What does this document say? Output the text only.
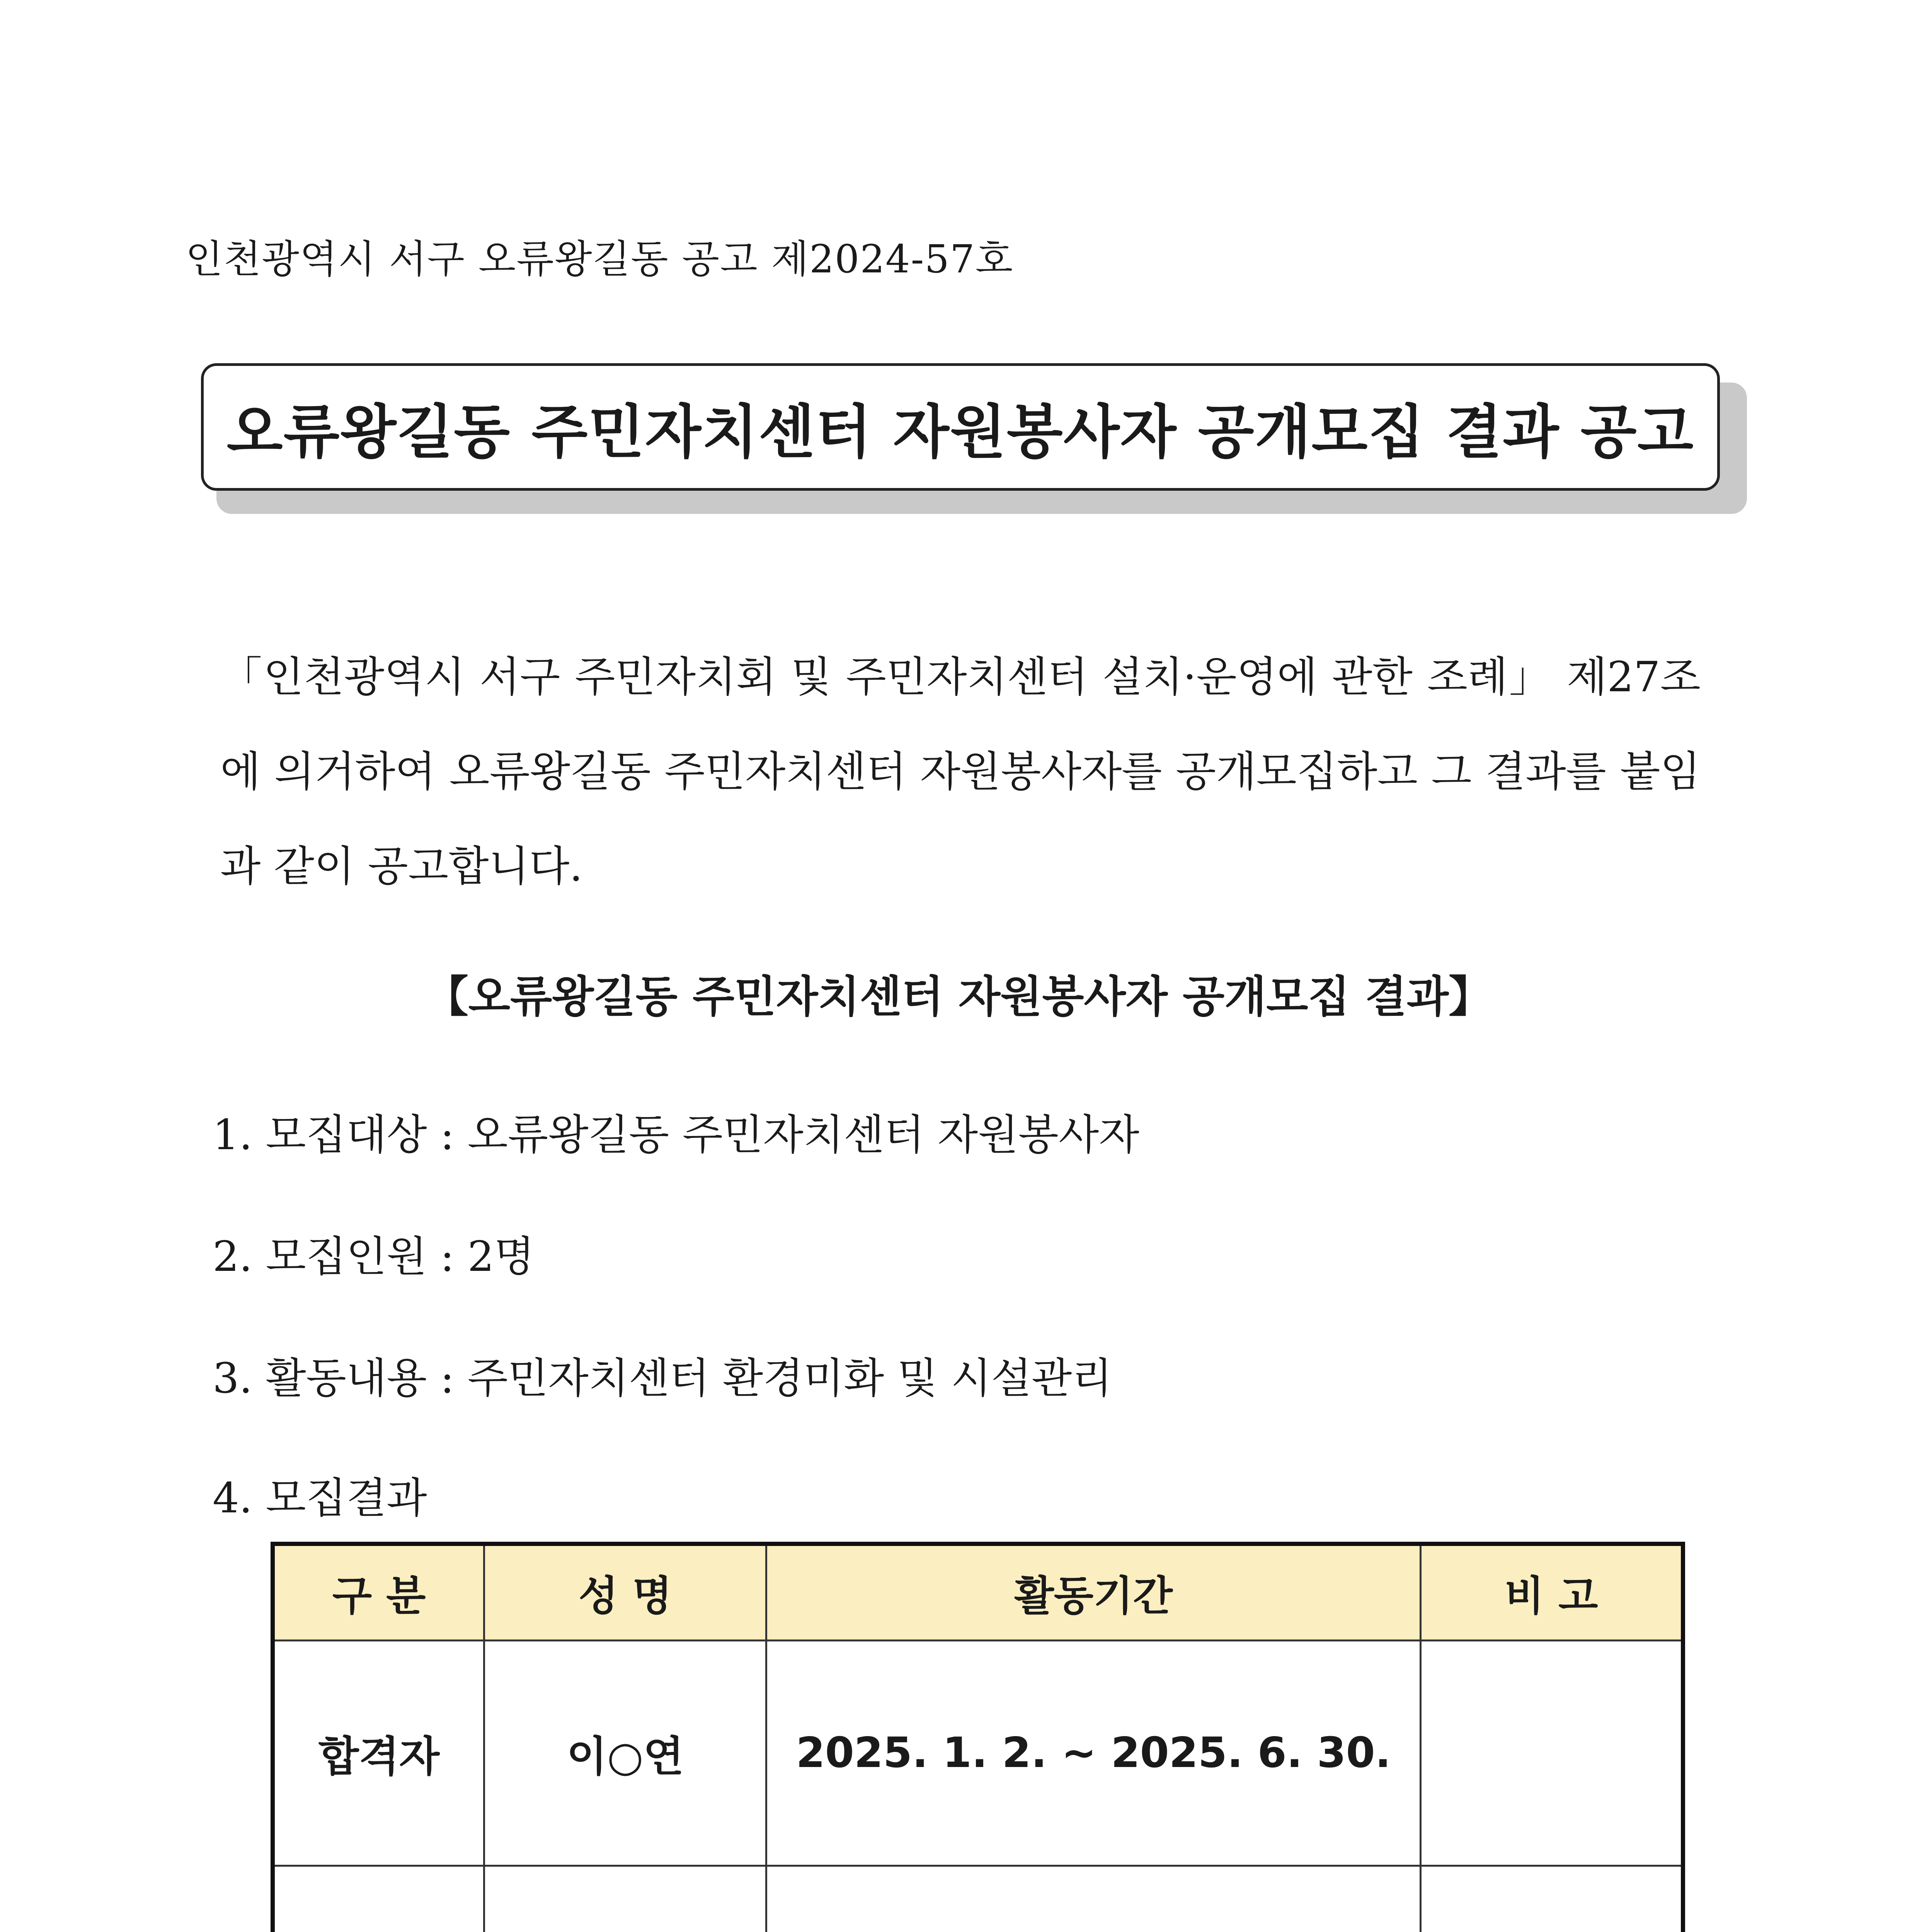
인천광역시 서구 오류왕길동 공고 제2024-57호
오류왕길동 주민자치센터 자원봉사자 공개모집 결과 공고
「인천광역시 서구 주민자치회 및 주민자치센터 설치·운영에 관한 조례」 제27조에 의거하여 오류왕길동 주민자치센터 자원봉사자를 공개모집하고 그 결과를 붙임과 같이 공고합니다.
【오류왕길동 주민자치센터 자원봉사자 공개모집 결과】
1. 모집대상 : 오류왕길동 주민자치센터 자원봉사자
2. 모집인원 : 2명
3. 활동내용 : 주민자치센터 환경미화 및 시설관리
4. 모집결과
구 분	성 명	활동기간	비 고
합격자	이○연	2025. 1. 2. ~ 2025. 6. 30.	
